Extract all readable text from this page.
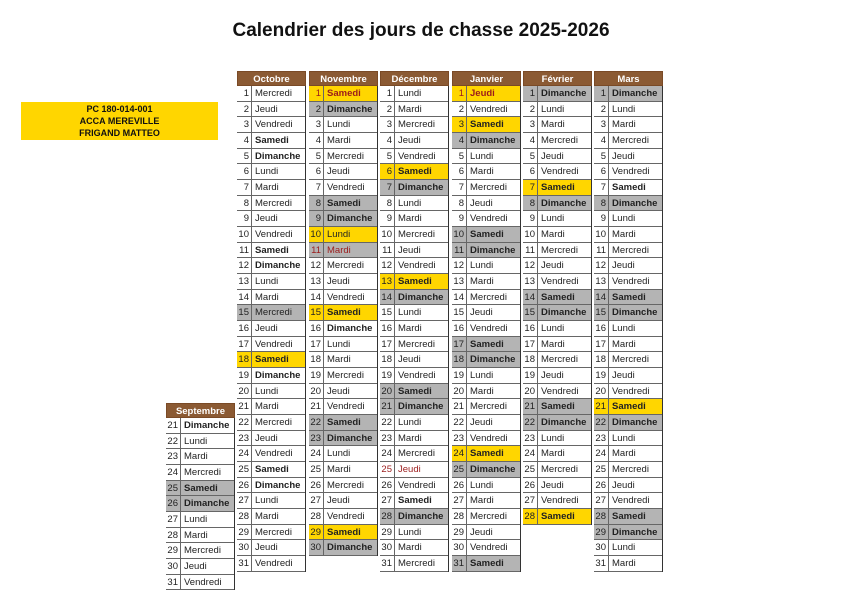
Calendrier des jours de chasse 2025-2026
PC 180-014-001
ACCA MEREVILLE
FRIGAND MATTEO
Septembre
21 Dimanche
22 Lundi
23 Mardi
24 Mercredi
25 Samedi
26 Dimanche
27 Lundi
28 Mardi
29 Mercredi
30 Jeudi
31 Vendredi
Octobre
1 Mercredi
2 Jeudi
3 Vendredi
4 Samedi
5 Dimanche
6 Lundi
7 Mardi
8 Mercredi
9 Jeudi
10 Vendredi
11 Samedi
12 Dimanche
13 Lundi
14 Mardi
15 Mercredi
16 Jeudi
17 Vendredi
18 Samedi
19 Dimanche
20 Lundi
21 Mardi
22 Mercredi
23 Jeudi
24 Vendredi
25 Samedi
26 Dimanche
27 Lundi
28 Mardi
29 Mercredi
30 Jeudi
31 Vendredi
Novembre
1 Samedi
2 Dimanche
3 Lundi
4 Mardi
5 Mercredi
6 Jeudi
7 Vendredi
8 Samedi
9 Dimanche
10 Lundi
11 Mardi
12 Mercredi
13 Jeudi
14 Vendredi
15 Samedi
16 Dimanche
17 Lundi
18 Mardi
19 Mercredi
20 Jeudi
21 Vendredi
22 Samedi
23 Dimanche
24 Lundi
25 Mardi
26 Mercredi
27 Jeudi
28 Vendredi
29 Samedi
30 Dimanche
Décembre
1 Lundi
2 Mardi
3 Mercredi
4 Jeudi
5 Vendredi
6 Samedi
7 Dimanche
8 Lundi
9 Mardi
10 Mercredi
11 Jeudi
12 Vendredi
13 Samedi
14 Dimanche
15 Lundi
16 Mardi
17 Mercredi
18 Jeudi
19 Vendredi
20 Samedi
21 Dimanche
22 Lundi
23 Mardi
24 Mercredi
25 Jeudi
26 Vendredi
27 Samedi
28 Dimanche
29 Lundi
30 Mardi
31 Mercredi
Janvier
1 Jeudi
2 Vendredi
3 Samedi
4 Dimanche
5 Lundi
6 Mardi
7 Mercredi
8 Jeudi
9 Vendredi
10 Samedi
11 Dimanche
12 Lundi
13 Mardi
14 Mercredi
15 Jeudi
16 Vendredi
17 Samedi
18 Dimanche
19 Lundi
20 Mardi
21 Mercredi
22 Jeudi
23 Vendredi
24 Samedi
25 Dimanche
26 Lundi
27 Mardi
28 Mercredi
29 Jeudi
30 Vendredi
31 Samedi
Février
1 Dimanche
2 Lundi
3 Mardi
4 Mercredi
5 Jeudi
6 Vendredi
7 Samedi
8 Dimanche
9 Lundi
10 Mardi
11 Mercredi
12 Jeudi
13 Vendredi
14 Samedi
15 Dimanche
16 Lundi
17 Mardi
18 Mercredi
19 Jeudi
20 Vendredi
21 Samedi
22 Dimanche
23 Lundi
24 Mardi
25 Mercredi
26 Jeudi
27 Vendredi
28 Samedi
Mars
1 Dimanche
2 Lundi
3 Mardi
4 Mercredi
5 Jeudi
6 Vendredi
7 Samedi
8 Dimanche
9 Lundi
10 Mardi
11 Mercredi
12 Jeudi
13 Vendredi
14 Samedi
15 Dimanche
16 Lundi
17 Mardi
18 Mercredi
19 Jeudi
20 Vendredi
21 Samedi
22 Dimanche
23 Lundi
24 Mardi
25 Mercredi
26 Jeudi
27 Vendredi
28 Samedi
29 Dimanche
30 Lundi
31 Mardi
